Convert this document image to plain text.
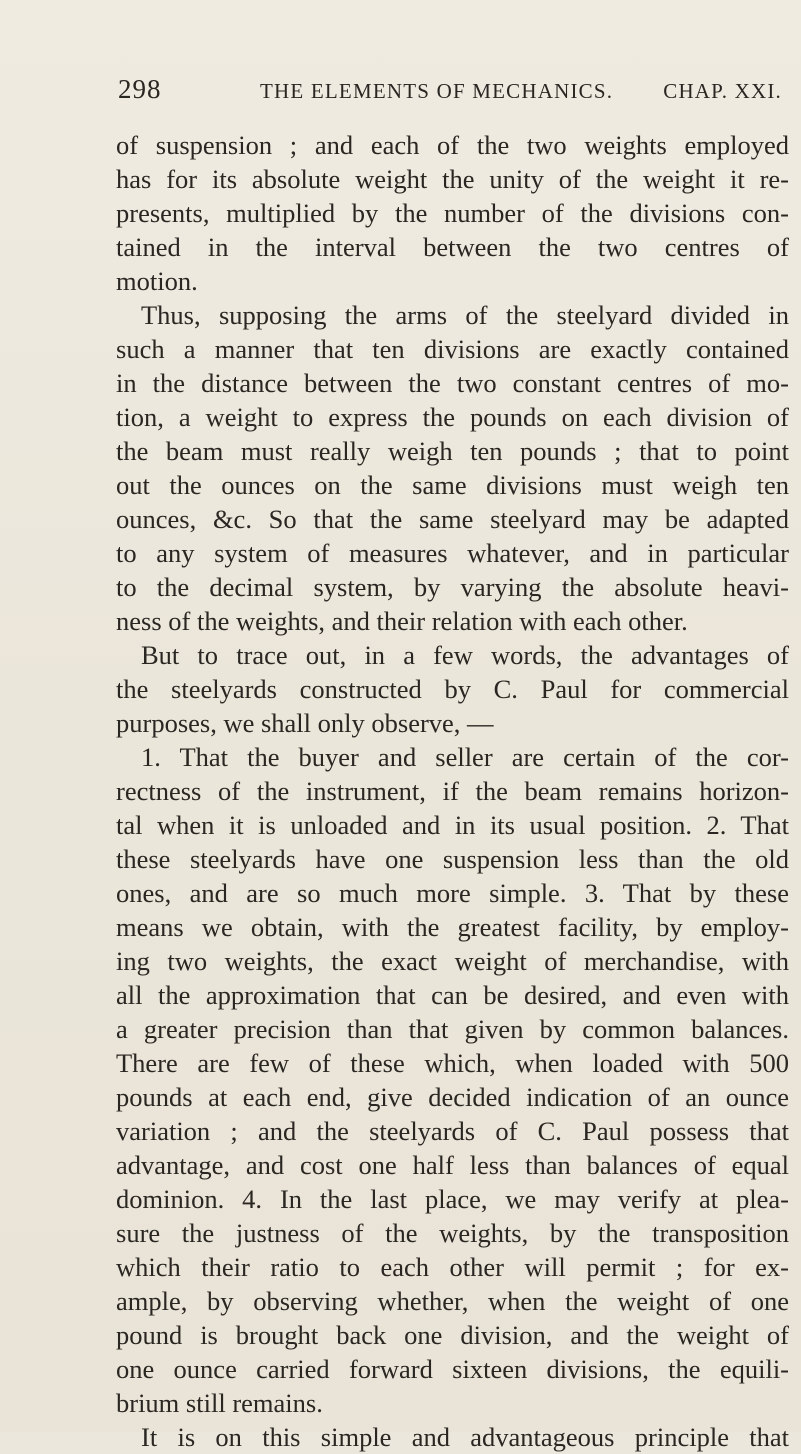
298	THE ELEMENTS OF MECHANICS. CHAP. XXI.
of suspension ; and each of the two weights employed
has for its absolute weight the unity of the weight it re-
presents, multiplied by the number of the divisions con-
tained in the interval between the two centres of
motion.
Thus, supposing the arms of the steelyard divided in
such a manner that ten divisions are exactly contained
in the distance between the two constant centres of mo-
tion, a weight to express the pounds on each division of
the beam must really weigh ten pounds ; that to point
out the ounces on the same divisions must weigh ten
ounces, &c. So that the same steelyard may be adapted
to any system of measures whatever, and in particular
to the decimal system, by varying the absolute heavi-
ness of the weights, and their relation with each other.
But to trace out, in a few words, the advantages of
the steelyards constructed by C. Paul for commercial
purposes, we shall only observe, —
1. That the buyer and seller are certain of the cor-
rectness of the instrument, if the beam remains horizon-
tal when it is unloaded and in its usual position. 2. That
these steelyards have one suspension less than the old
ones, and are so much more simple. 3. That by these
means we obtain, with the greatest facility, by employ-
ing two weights, the exact weight of merchandise, with
all the approximation that can be desired, and even with
a greater precision than that given by common balances.
There are few of these which, when loaded with 500
pounds at each end, give decided indication of an ounce
variation ; and the steelyards of C. Paul possess that
advantage, and cost one half less than balances of equal
dominion. 4. In the last place, we may verify at plea-
sure the justness of the weights, by the transposition
which their ratio to each other will permit ; for ex-
ample, by observing whether, when the weight of one
pound is brought back one division, and the weight of
one ounce carried forward sixteen divisions, the equili-
brium still remains.
It is on this simple and advantageous principle that
